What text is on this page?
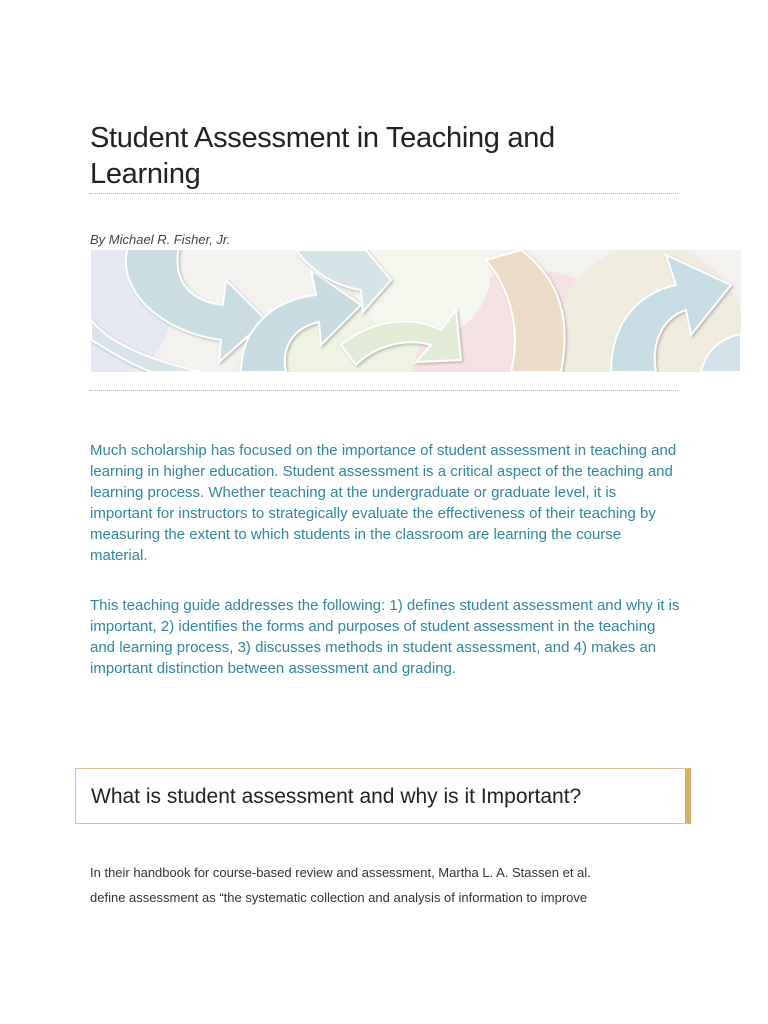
Student Assessment in Teaching and Learning
By Michael R. Fisher, Jr.

Much scholarship has focused on the importance of student assessment in teaching and learning in higher education. Student assessment is a critical aspect of the teaching and learning process. Whether teaching at the undergraduate or graduate level, it is important for instructors to strategically evaluate the effectiveness of their teaching by measuring the extent to which students in the classroom are learning the course material.

This teaching guide addresses the following: 1) defines student assessment and why it is important, 2) identifies the forms and purposes of student assessment in the teaching and learning process, 3) discusses methods in student assessment, and 4) makes an important distinction between assessment and grading.

What is student assessment and why is it Important?
In their handbook for course-based review and assessment, Martha L. A. Stassen et al.
define assessment as “the systematic collection and analysis of information to improve
